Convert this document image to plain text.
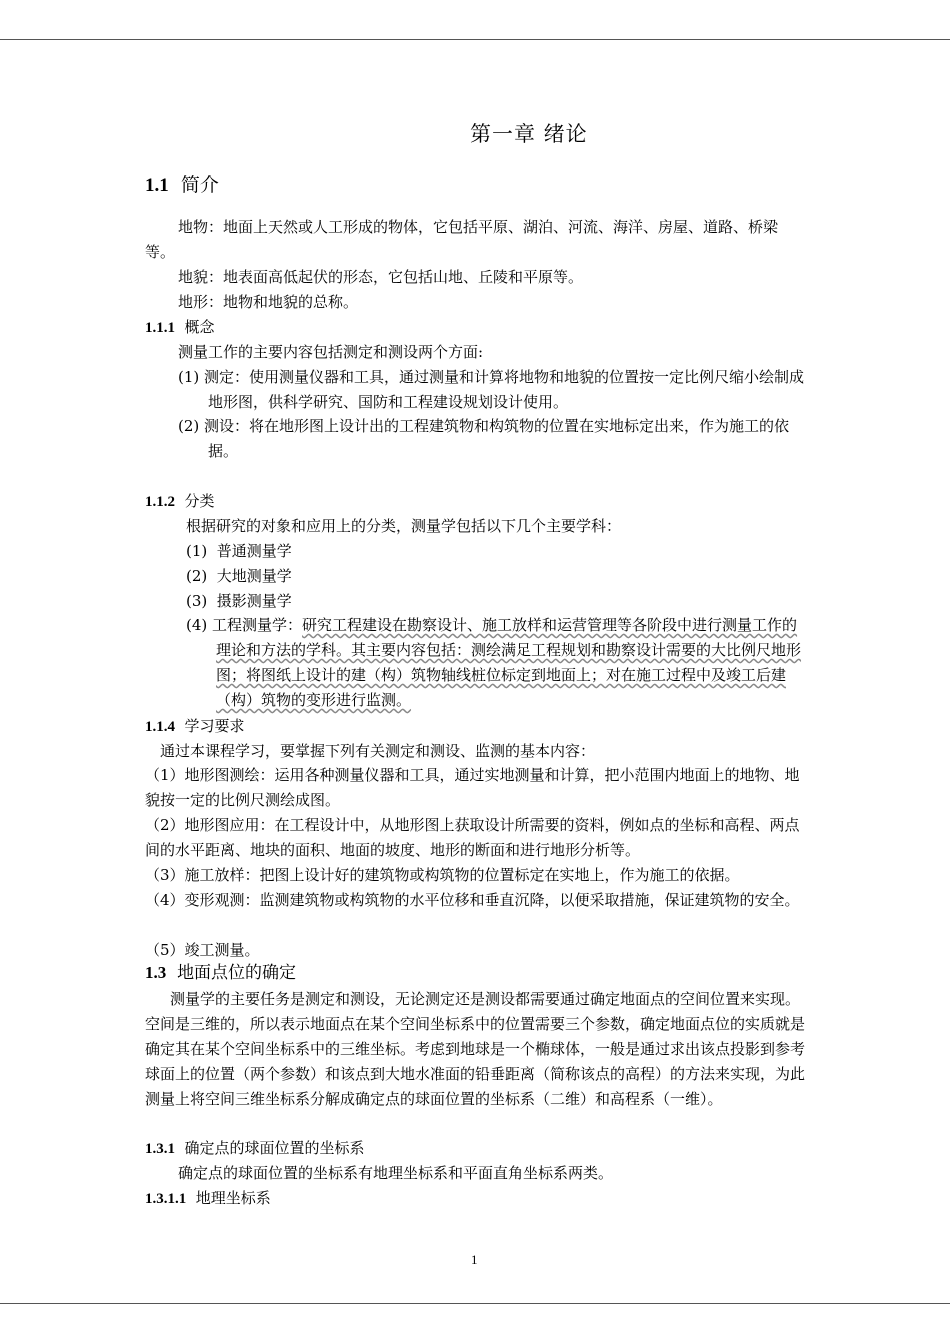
第一章 绪论
1.1 简介
地物：地面上天然或人工形成的物体，它包括平原、湖泊、河流、海洋、房屋、道路、桥梁等。
地貌：地表面高低起伏的形态，它包括山地、丘陵和平原等。
地形：地物和地貌的总称。
1.1.1 概念
测量工作的主要内容包括测定和测设两个方面:
(1) 测定：使用测量仪器和工具，通过测量和计算将地物和地貌的位置按一定比例尺缩小绘制成地形图，供科学研究、国防和工程建设规划设计使用。
(2) 测设：将在地形图上设计出的工程建筑物和构筑物的位置在实地标定出来，作为施工的依据。
1.1.2 分类
根据研究的对象和应用上的分类，测量学包括以下几个主要学科：
(1) 普通测量学
(2) 大地测量学
(3) 摄影测量学
(4) 工程测量学：研究工程建设在勘察设计、施工放样和运营管理等各阶段中进行测量工作的理论和方法的学科。其主要内容包括：测绘满足工程规划和勘察设计需要的大比例尺地形图；将图纸上设计的建（构）筑物轴线桩位标定到地面上；对在施工过程中及竣工后建（构）筑物的变形进行监测。
1.1.4 学习要求
通过本课程学习，要掌握下列有关测定和测设、监测的基本内容：
（1）地形图测绘：运用各种测量仪器和工具，通过实地测量和计算，把小范围内地面上的地物、地貌按一定的比例尺测绘成图。
（2）地形图应用：在工程设计中，从地形图上获取设计所需要的资料，例如点的坐标和高程、两点间的水平距离、地块的面积、地面的坡度、地形的断面和进行地形分析等。
（3）施工放样：把图上设计好的建筑物或构筑物的位置标定在实地上，作为施工的依据。
（4）变形观测：监测建筑物或构筑物的水平位移和垂直沉降，以便采取措施，保证建筑物的安全。
（5）竣工测量。
1.3 地面点位的确定
测量学的主要任务是测定和测设，无论测定还是测设都需要通过确定地面点的空间位置来实现。空间是三维的，所以表示地面点在某个空间坐标系中的位置需要三个参数，确定地面点位的实质就是确定其在某个空间坐标系中的三维坐标。考虑到地球是一个椭球体，一般是通过求出该点投影到参考球面上的位置（两个参数）和该点到大地水准面的铅垂距离（简称该点的高程）的方法来实现，为此测量上将空间三维坐标系分解成确定点的球面位置的坐标系（二维）和高程系（一维）。
1.3.1 确定点的球面位置的坐标系
确定点的球面位置的坐标系有地理坐标系和平面直角坐标系两类。
1.3.1.1 地理坐标系
1
